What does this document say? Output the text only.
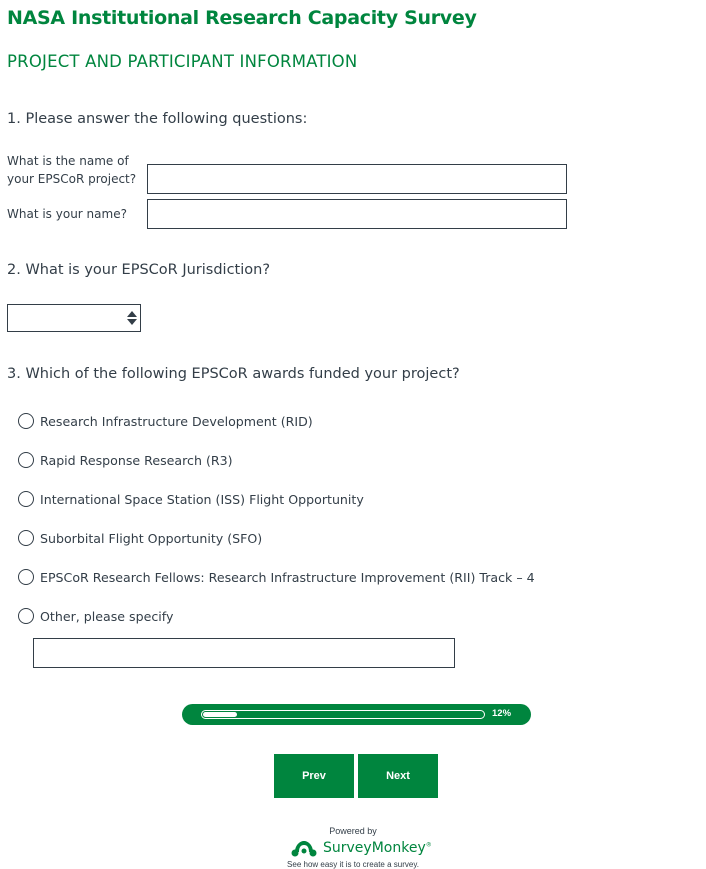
NASA Institutional Research Capacity Survey
PROJECT AND PARTICIPANT INFORMATION
1. Please answer the following questions:
What is the name of
your EPSCoR project?
What is your name?
2. What is your EPSCoR Jurisdiction?
3. Which of the following EPSCoR awards funded your project?
Research Infrastructure Development (RID)
Rapid Response Research (R3)
International Space Station (ISS) Flight Opportunity
Suborbital Flight Opportunity (SFO)
EPSCoR Research Fellows: Research Infrastructure Improvement (RII) Track – 4
Other, please specify
12%
Prev	Next
Powered by
SurveyMonkey®
See how easy it is to create a survey.
